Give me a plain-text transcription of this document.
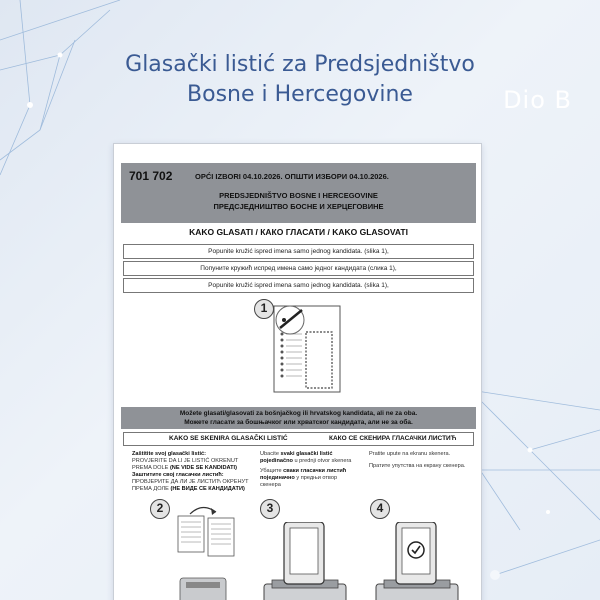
Glasački listić za Predsjedništvo
Bosne i Hercegovine	Dio B
701 702	OPĆI IZBORI 04.10.2026. ОПШТИ ИЗБОРИ 04.10.2026.
PREDSJEDNIŠTVO BOSNE I HERCEGOVINE
ПРЕДСЈЕДНИШТВО БОСНЕ И ХЕРЦЕГОВИНЕ
KAKO GLASATI / КАКО ГЛАСАТИ / KAKO GLASOVATI
Popunite kružić ispred imena samo jednog kandidata. (slika 1),
Попуните кружић испред имена само једног кандидата (слика 1),
Popunite kružić ispred imena samo jednog kandidata. (slika 1),
1
Možete glasati/glasovati za bošnjačkog ili hrvatskog kandidata, ali ne za oba.
Можете гласати за бошњачког или хрватског кандидата, али не за оба.
KAKO SE SKENIRA GLASAČKI LISTIĆ	КАКО СЕ СКЕНИРА ГЛАСАЧКИ ЛИСТИЋ
Zaštitite svoj glasački listić:
PROVJERITE DA LI JE LISTIĆ OKRENUT
PREMA DOLE (NE VIDE SE KANDIDATI)
Заштитите свој гласачки листић:
ПРОВЈЕРИТЕ ДА ЛИ ЈЕ ЛИСТИЋ ОКРЕНУТ
ПРЕМА ДОЛЕ (НЕ ВИДЕ СЕ КАНДИДАТИ)
Ubacite svaki glasački listić pojedinačno u prednji otvor skenera
Убаците сваки гласачки листић појединачно у предњи отвор скенера
Pratite upute na ekranu skenera.
Пратите упутства на екрану скенера.
2	3	4
